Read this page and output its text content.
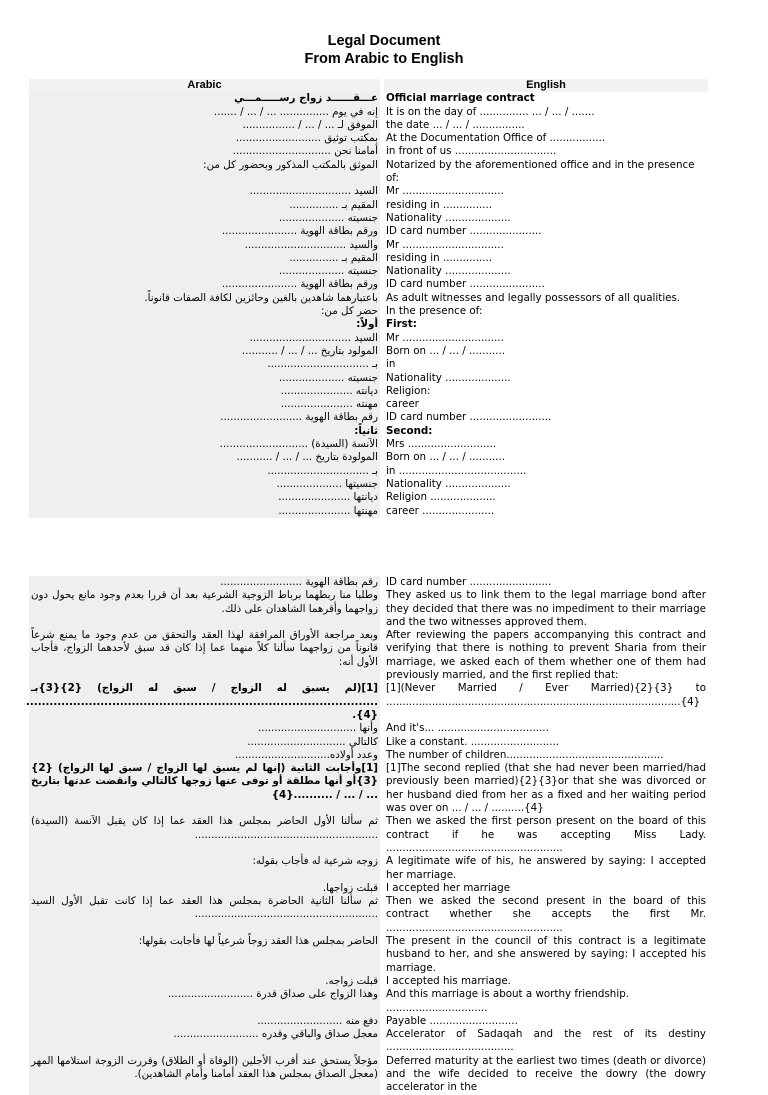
Legal Document
From Arabic to English
Arabic	English
عـــقــــــد زواج رســـــمـــي	Official marriage contract
إنه في يوم ............... ... / ... / .......	It is on the day of ............... ... / ... / .......
الموفق لـ ... / ... / ................	the date ... / ... / ................
بمكتب توثيق ..........................	At the Documentation Office of .................
أمامنا نحن ..............................	in front of us ...............................
الموثق بالمكتب المذكور وبحضور كل من:	Notarized by the aforementioned office and in the presence of:
السيد ...............................	Mr ...............................
المقيم بـ ...............	residing in ...............
جنسيته ....................	Nationality ....................
ورقم بطاقة الهوية .......................	ID card number ......................
والسيد ...............................	Mr ...............................
المقيم بـ ...............	residing in ...............
جنسيته ....................	Nationality ....................
ورقم بطاقة الهوية .......................	ID card number .......................
باعتبارهما شاهدين بالغين وحائزين لكافة الصفات قانوناً.	As adult witnesses and legally possessors of all qualities.
حضر كل من:	In the presence of:
أولاً:	First:
السيد ...............................	Mr ...............................
المولود بتاريخ ... / ... / ...........	Born on ... / ... / ...........
بـ ...............................	in
جنسيته ....................	Nationality ....................
ديانته ......................	Religion:
مهنته ......................	career
رقم بطاقة الهوية .........................	ID card number .........................
ثانياً:	Second:
الآنسة (السيدة) ...........................	Mrs ...........................
المولودة بتاريخ ... / ... / ...........	Born on ... / ... / ...........
بـ ...............................	in .......................................
جنسيتها ....................	Nationality ....................
ديانتها ......................	Religion ....................
مهنتها ......................	career ......................
رقم بطاقة الهوية .........................	ID card number .........................
وطلبا منا ربطهما برباط الزوجية الشرعية بعد أن قررا بعدم وجود مانع يحول دون زواجهما وأقرهما الشاهدان على ذلك.	They asked us to link them to the legal marriage bond after they decided that there was no impediment to their marriage and the two witnesses approved them.
وبعد مراجعة الأوراق المرافقة لهذا العقد والتحقق من عدم وجود ما يمنع شرعاً قانوناً من زواجهما سألنا كلاً منهما عما إذا كان قد سبق لأحدهما الزواج، فأجاب الأول أنه:	After reviewing the papers accompanying this contract and verifying that there is nothing to prevent Sharia from their marriage, we asked each of them whether one of them had previously married, and the first replied that:
[1](لم يسبق له الزواج / سبق له الزواج) {2}{3}بـ ..........................................................................................{4}.	[1](Never Married / Ever Married){2}{3} to ..........................................................................................{4}
وأنها ..............................	And it's... ..................................
كالتالي ..............................	Like a constant. ...........................
وعدد أولاده.............................	The number of children................................................
[1]وأجابت الثانية (إنها لم يسبق لها الزواج / سبق لها الزواج) {2}{3}أو أنها مطلقة أو توفى عنها زوجها كالتالي وانقضت عدتها بتاريخ ... / ... / ..........{4}	[1]The second replied (that she had never been married/had previously been married){2}{3}or that she was divorced or her husband died from her as a fixed and her waiting period was over on ... / ... / ..........{4}
ثم سألنا الأول الحاضر بمجلس هذا العقد عما إذا كان يقبل الآنسة (السيدة) ........................................................	Then we asked the first person present on the board of this contract if he was accepting Miss Lady. ......................................................
زوجه شرعية له فأجاب بقوله:	A legitimate wife of his, he answered by saying: I accepted her marriage.
قبلت زواجها.	I accepted her marriage
ثم سألنا الثانية الحاضرة بمجلس هذا العقد عما إذا كانت تقبل الأول السيد ........................................................	Then we asked the second present in the board of this contract whether she accepts the first Mr. ......................................................
الحاضر بمجلس هذا العقد زوجاً شرعياً لها فأجابت بقولها:	The present in the council of this contract is a legitimate husband to her, and she answered by saying: I accepted his marriage.
قبلت زواجه.	I accepted his marriage.
وهذا الزواج على صداق قدرة ..........................	And this marriage is about a worthy friendship. ...............................
دفع منه ..........................	Payable ...........................
معجل صداق والباقي وقدره ..........................	Accelerator of Sadaqah and the rest of its destiny .......................................
مؤجلاً يستحق عند أقرب الأجلين (الوفاة أو الطلاق) وقررت الزوجة استلامها المهر (معجل الصداق بمجلس هذا العقد أمامنا وأمام الشاهدين).	Deferred maturity at the earliest two times (death or divorce) and the wife decided to receive the dowry (the dowry accelerator in the
